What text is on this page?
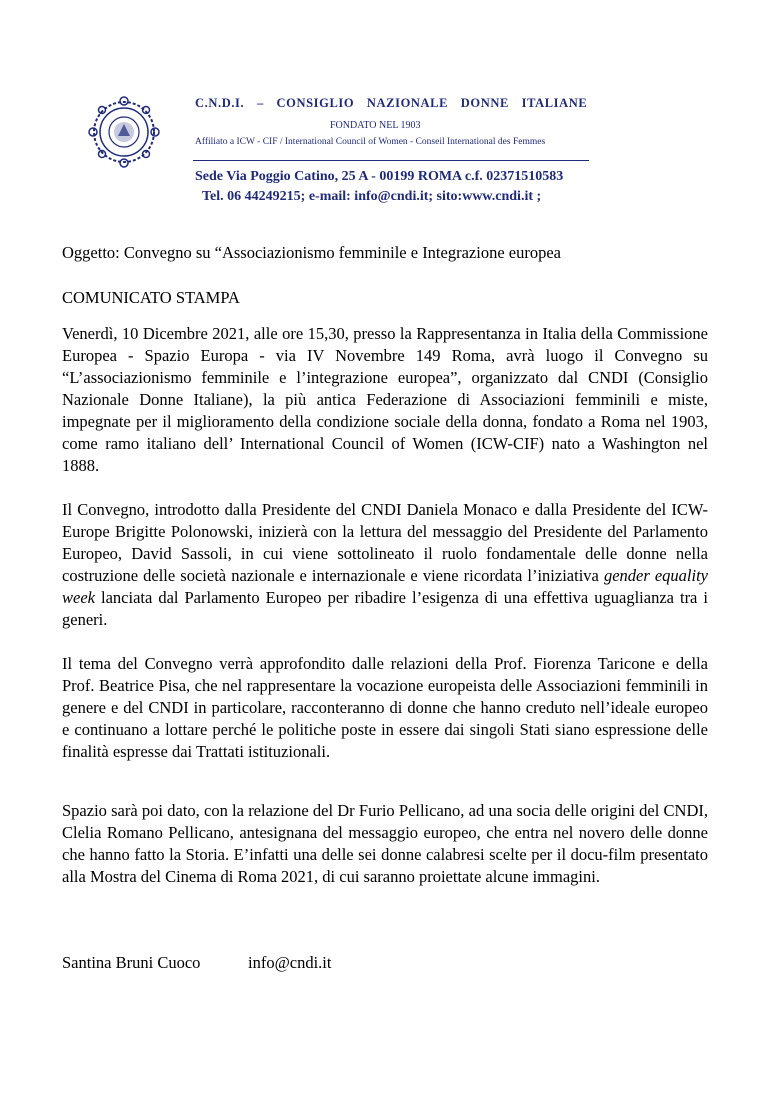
C.N.D.I. – CONSIGLIO NAZIONALE DONNE ITALIANE
FONDATO NEL 1903
Affiliato a ICW - CIF / International Council of Women - Conseil International des Femmes
Sede Via Poggio Catino, 25 A - 00199 ROMA c.f. 02371510583
Tel. 06 44249215; e-mail: info@cndi.it; sito:www.cndi.it ;
Oggetto: Convegno su “Associazionismo femminile e Integrazione europea
COMUNICATO STAMPA

Venerdì, 10 Dicembre 2021, alle ore 15,30, presso la Rappresentanza in Italia della Commissione Europea - Spazio Europa - via IV Novembre 149 Roma, avrà luogo il Convegno su “L’associazionismo femminile e l’integrazione europea”, organizzato dal CNDI (Consiglio Nazionale Donne Italiane), la più antica Federazione di Associazioni femminili e miste, impegnate per il miglioramento della condizione sociale della donna, fondato a Roma nel 1903, come ramo italiano dell’ International Council of Women (ICW-CIF) nato a Washington nel 1888.

Il Convegno, introdotto dalla Presidente del CNDI Daniela Monaco e dalla Presidente del ICW-Europe Brigitte Polonowski, inizierà con la lettura del messaggio del Presidente del Parlamento Europeo, David Sassoli, in cui viene sottolineato il ruolo fondamentale delle donne nella costruzione delle società nazionale e internazionale e viene ricordata l’iniziativa gender equality week lanciata dal Parlamento Europeo per ribadire l’esigenza di una effettiva uguaglianza tra i generi.

Il tema del Convegno verrà approfondito dalle relazioni della Prof. Fiorenza Taricone e della Prof. Beatrice Pisa, che nel rappresentare la vocazione europeista delle Associazioni femminili in genere e del CNDI in particolare, racconteranno di donne che hanno creduto nell’ideale europeo e continuano a lottare perché le politiche poste in essere dai singoli Stati siano espressione delle finalità espresse dai Trattati istituzionali.

Spazio sarà poi dato, con la relazione del Dr Furio Pellicano, ad una socia delle origini del CNDI, Clelia Romano Pellicano, antesignana del messaggio europeo, che entra nel novero delle donne che hanno fatto la Storia. E’infatti una delle sei donne calabresi scelte per il docu-film presentato alla Mostra del Cinema di Roma 2021, di cui saranno proiettate alcune immagini.

Santina Bruni Cuoco	info@cndi.it
